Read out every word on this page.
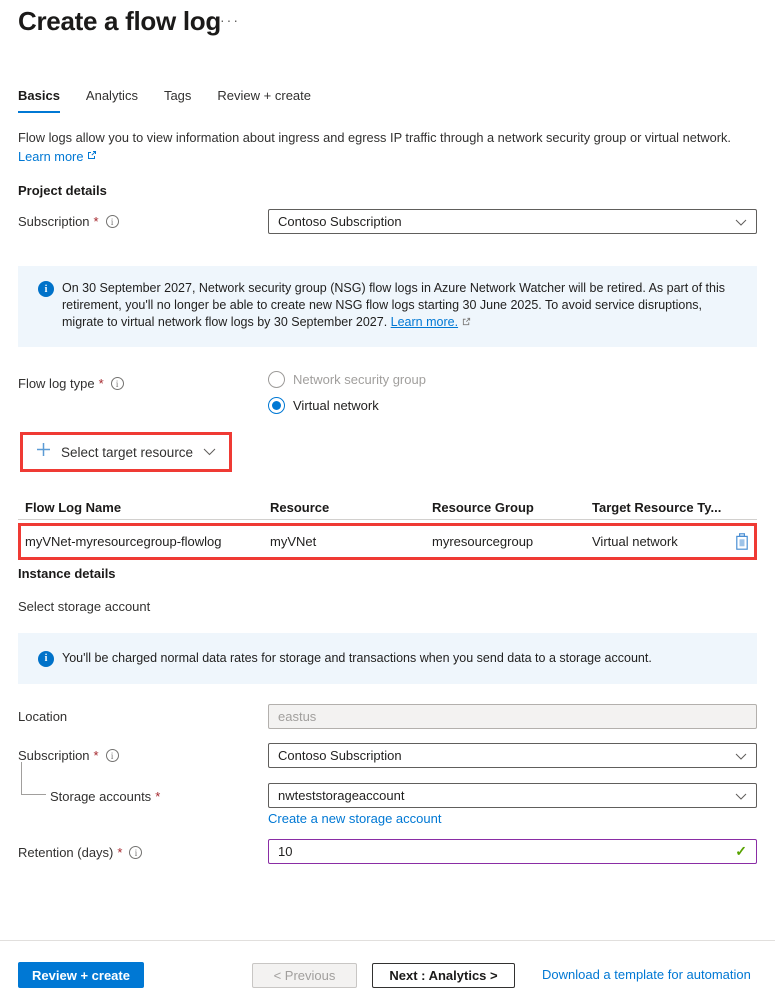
Create a flow log ···
Basics Analytics Tags Review + create
Flow logs allow you to view information about ingress and egress IP traffic through a network security group or virtual network.
Learn more
Project details
Subscription *	i	Contoso Subscription
i	On 30 September 2027, Network security group (NSG) flow logs in Azure Network Watcher will be retired. As part of this retirement, you'll no longer be able to create new NSG flow logs starting 30 June 2025. To avoid service disruptions, migrate to virtual network flow logs by 30 September 2027. Learn more.
Flow log type *	i	Network security group
Virtual network
Select target resource
Flow Log Name	Resource	Resource Group	Target Resource Ty...
myVNet-myresourcegroup-flowlog	myVNet	myresourcegroup	Virtual network
Instance details
Select storage account
i	You'll be charged normal data rates for storage and transactions when you send data to a storage account.
Location	eastus
Subscription *	i	Contoso Subscription
Storage accounts *	nwteststorageaccount
Create a new storage account
Retention (days) *	i	10	✓
Review + create	< Previous	Next : Analytics >	Download a template for automation
